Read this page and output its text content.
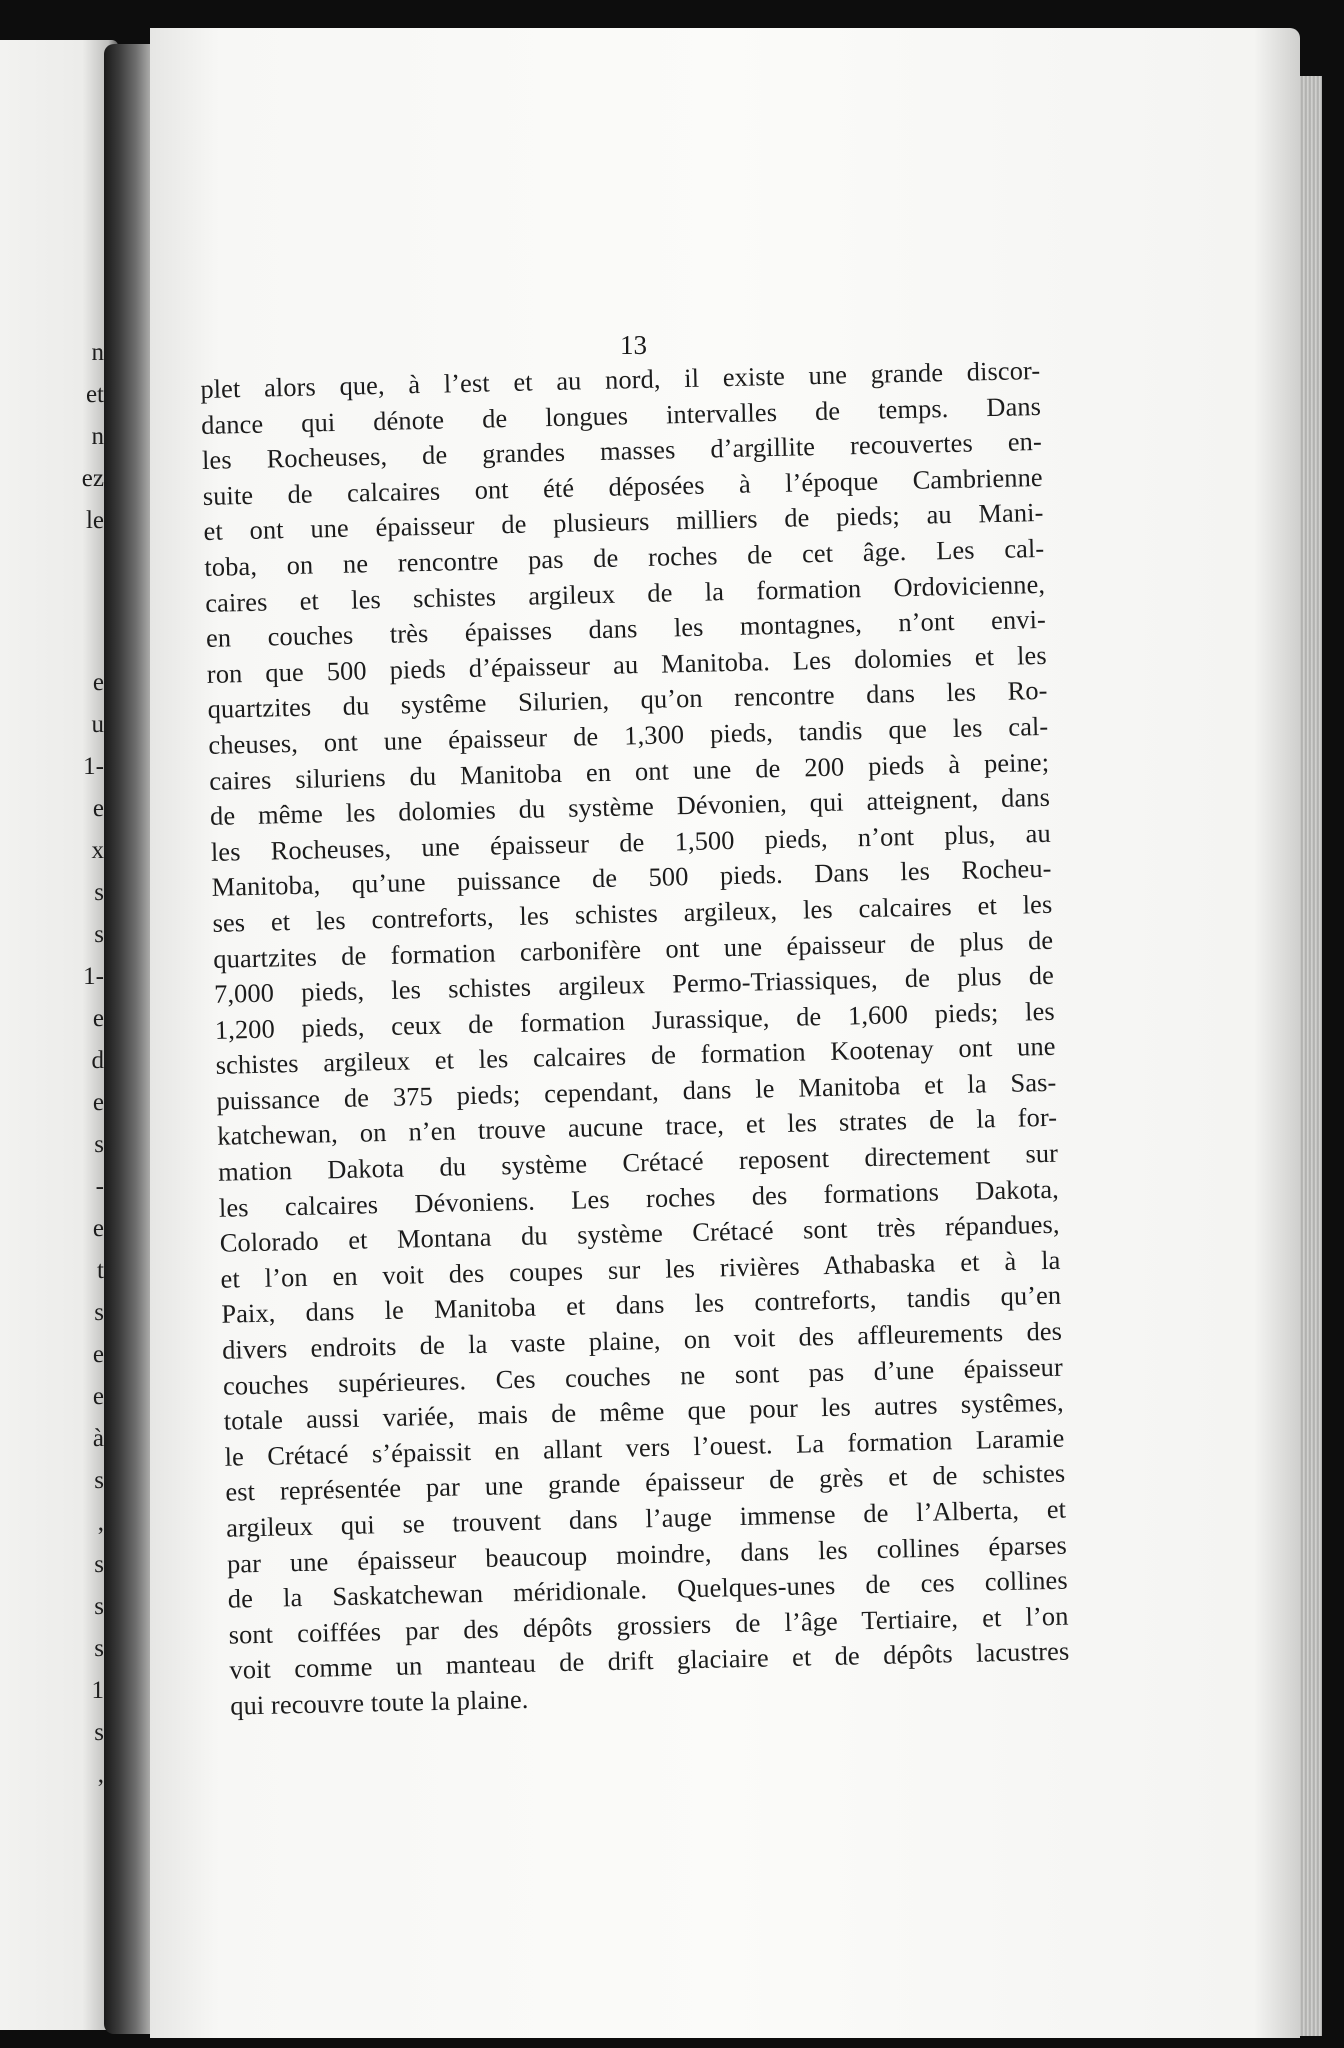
n
et
n
ez
le
e
u
1-
e
x
s
s
1-
e
d
e
s
-
e
t
s
e
e
à
s
,
s
s
s
1
s
,
13
plet alors que, à l’est et au nord, il existe une grande discor-
dance qui dénote de longues intervalles de temps. Dans
les Rocheuses, de grandes masses d’argillite recouvertes en-
suite de calcaires ont été déposées à l’époque Cambrienne
et ont une épaisseur de plusieurs milliers de pieds; au Mani-
toba, on ne rencontre pas de roches de cet âge. Les cal-
caires et les schistes argileux de la formation Ordovicienne,
en couches très épaisses dans les montagnes, n’ont envi-
ron que 500 pieds d’épaisseur au Manitoba. Les dolomies et les
quartzites du systême Silurien, qu’on rencontre dans les Ro-
cheuses, ont une épaisseur de 1,300 pieds, tandis que les cal-
caires siluriens du Manitoba en ont une de 200 pieds à peine;
de même les dolomies du système Dévonien, qui atteignent, dans
les Rocheuses, une épaisseur de 1,500 pieds, n’ont plus, au
Manitoba, qu’une puissance de 500 pieds. Dans les Rocheu-
ses et les contreforts, les schistes argileux, les calcaires et les
quartzites de formation carbonifère ont une épaisseur de plus de
7,000 pieds, les schistes argileux Permo-Triassiques, de plus de
1,200 pieds, ceux de formation Jurassique, de 1,600 pieds; les
schistes argileux et les calcaires de formation Kootenay ont une
puissance de 375 pieds; cependant, dans le Manitoba et la Sas-
katchewan, on n’en trouve aucune trace, et les strates de la for-
mation Dakota du système Crétacé reposent directement sur
les calcaires Dévoniens. Les roches des formations Dakota,
Colorado et Montana du système Crétacé sont très répandues,
et l’on en voit des coupes sur les rivières Athabaska et à la
Paix, dans le Manitoba et dans les contreforts, tandis qu’en
divers endroits de la vaste plaine, on voit des affleurements des
couches supérieures. Ces couches ne sont pas d’une épaisseur
totale aussi variée, mais de même que pour les autres systêmes,
le Crétacé s’épaissit en allant vers l’ouest. La formation Laramie
est représentée par une grande épaisseur de grès et de schistes
argileux qui se trouvent dans l’auge immense de l’Alberta, et
par une épaisseur beaucoup moindre, dans les collines éparses
de la Saskatchewan méridionale. Quelques-unes de ces collines
sont coiffées par des dépôts grossiers de l’âge Tertiaire, et l’on
voit comme un manteau de drift glaciaire et de dépôts lacustres
qui recouvre toute la plaine.
